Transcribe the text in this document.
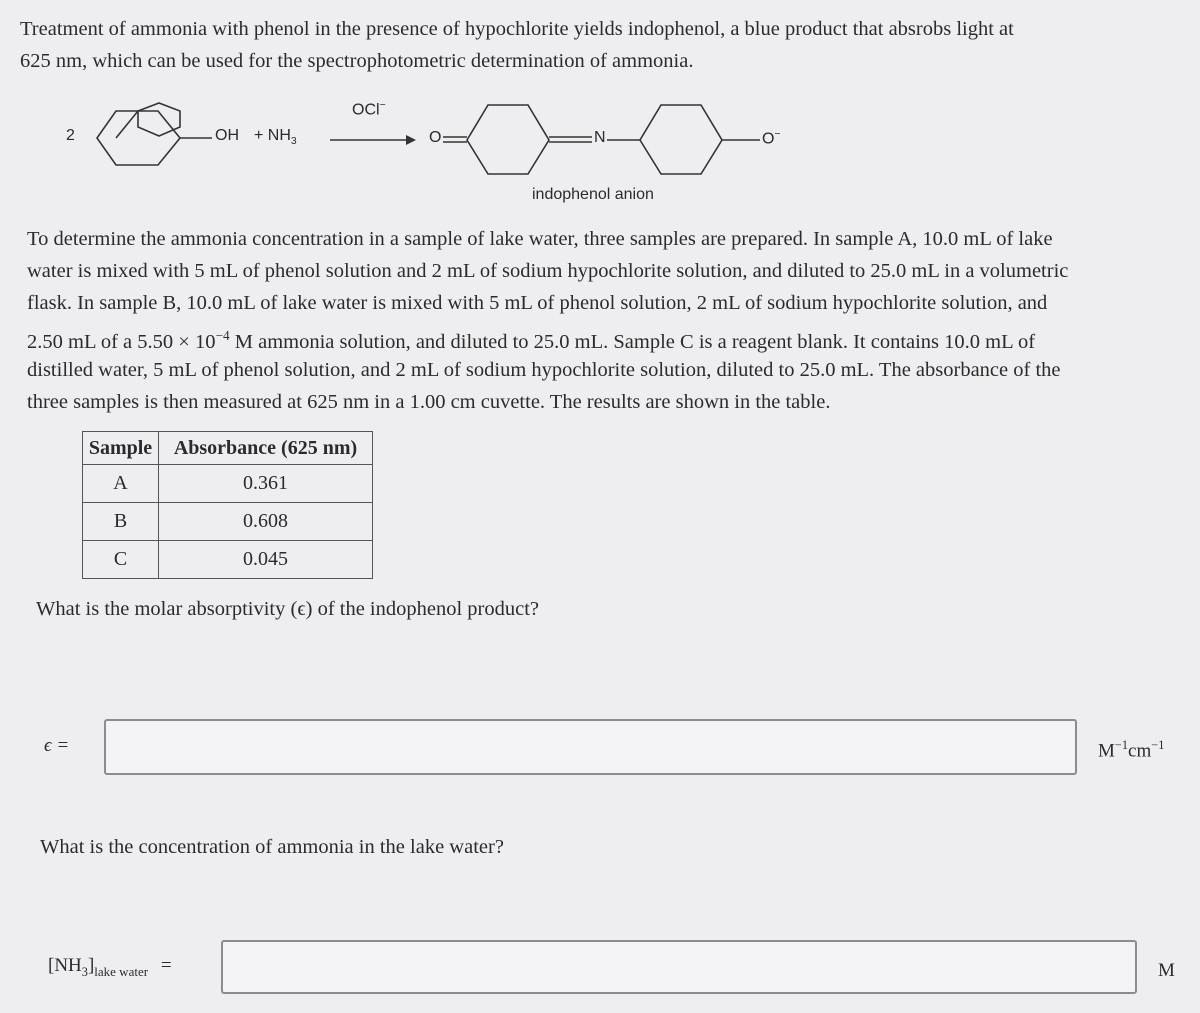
Treatment of ammonia with phenol in the presence of hypochlorite yields indophenol, a blue product that absrobs light at
625 nm, which can be used for the spectrophotometric determination of ammonia.
2	OH + $NH_3$
OCl−
O	N	O−
indophenol anion
To determine the ammonia concentration in a sample of lake water, three samples are prepared. In sample A, 10.0 mL of lake
water is mixed with 5 mL of phenol solution and 2 mL of sodium hypochlorite solution, and diluted to 25.0 mL in a volumetric
flask. In sample B, 10.0 mL of lake water is mixed with 5 mL of phenol solution, 2 mL of sodium hypochlorite solution, and
2.50 mL of a $5.50 \times 10^{-4}$ M ammonia solution, and diluted to 25.0 mL. Sample C is a reagent blank. It contains 10.0 mL of
distilled water, 5 mL of phenol solution, and 2 mL of sodium hypochlorite solution, diluted to 25.0 mL. The absorbance of the
three samples is then measured at 625 nm in a 1.00 cm cuvette. The results are shown in the table.
Sample	Absorbance (625 nm)
A	0.361
B	0.608
C	0.045
What is the molar absorptivity (ϵ) of the indophenol product?
ϵ =	$M^{-1}cm^{-1}$
What is the concentration of ammonia in the lake water?
$[NH_3]_{lake water}$ =	M
